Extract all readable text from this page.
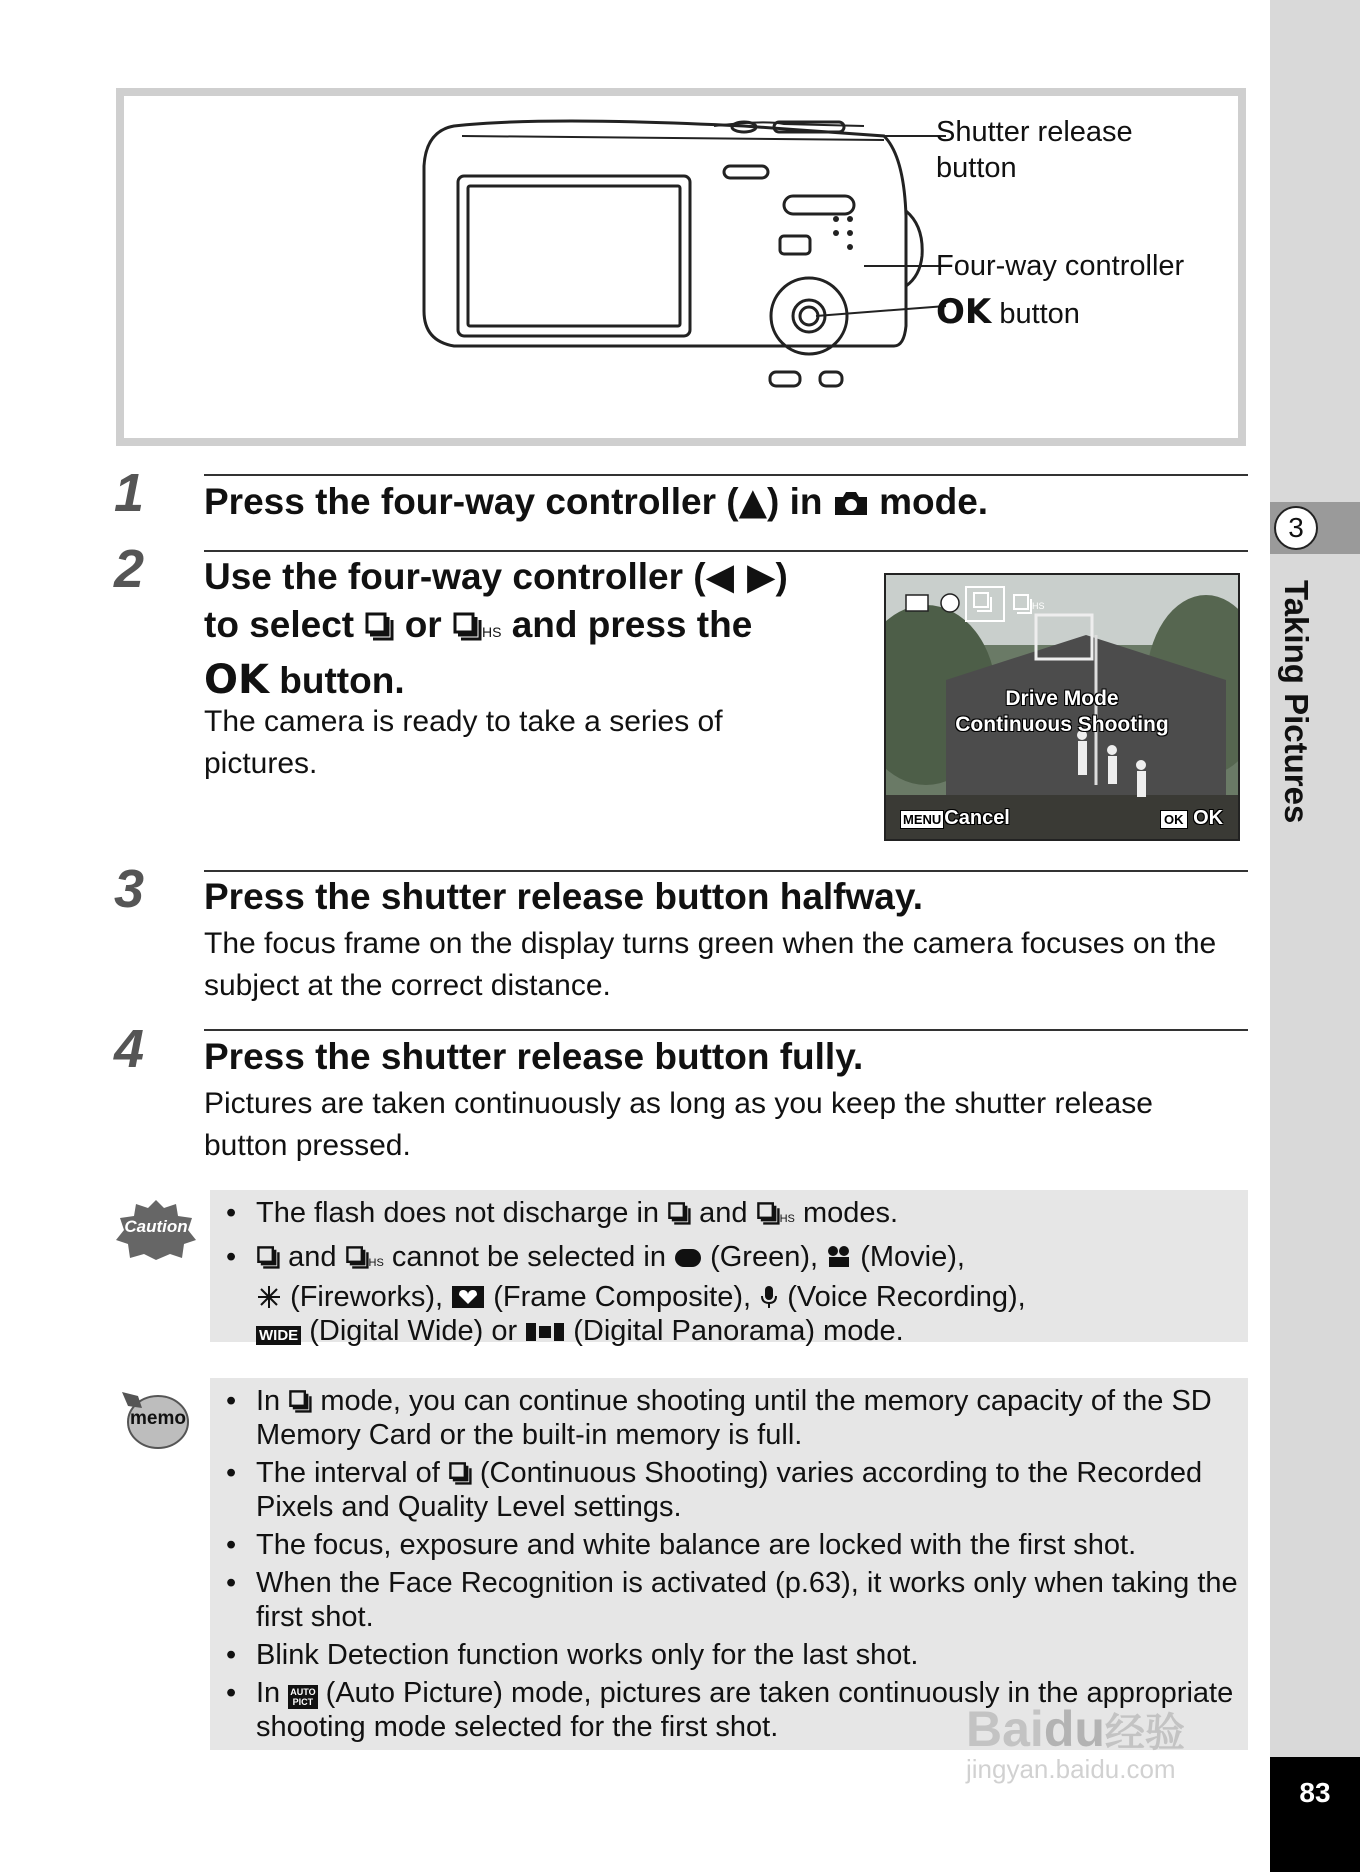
3
Taking Pictures
83
Shutter release
button
Four-way controller
OK button
1 Press the four-way controller (▲) in mode.
2 Use the four-way controller (◀ ▶)
to select or	HS and press the
OK button.
The camera is ready to take a series of pictures.
HS
Drive Mode
Continuous Shooting
MENU Cancel	OK OK
3 Press the shutter release button halfway.
The focus frame on the display turns green when the camera focuses on the subject at the correct distance.
4 Press the shutter release button fully.
Pictures are taken continuously as long as you keep the shutter release button pressed.
Caution	• The flash does not discharge in and	HS modes.
• and	HS cannot be selected in (Green), (Movie),
(Fireworks), (Frame Composite), (Voice Recording),
WIDE (Digital Wide) or (Digital Panorama) mode.
memo
• In mode, you can continue shooting until the memory capacity of the SD Memory Card or the built-in memory is full.
• The interval of (Continuous Shooting) varies according to the Recorded Pixels and Quality Level settings.
• The focus, exposure and white balance are locked with the first shot.
• When the Face Recognition is activated (p.63), it works only when taking the first shot.
• Blink Detection function works only for the last shot.
• In AUTO
PICT (Auto Picture) mode, pictures are taken continuously in the appropriate shooting mode selected for the first shot.	Baidu经验
jingyan.baidu.com
